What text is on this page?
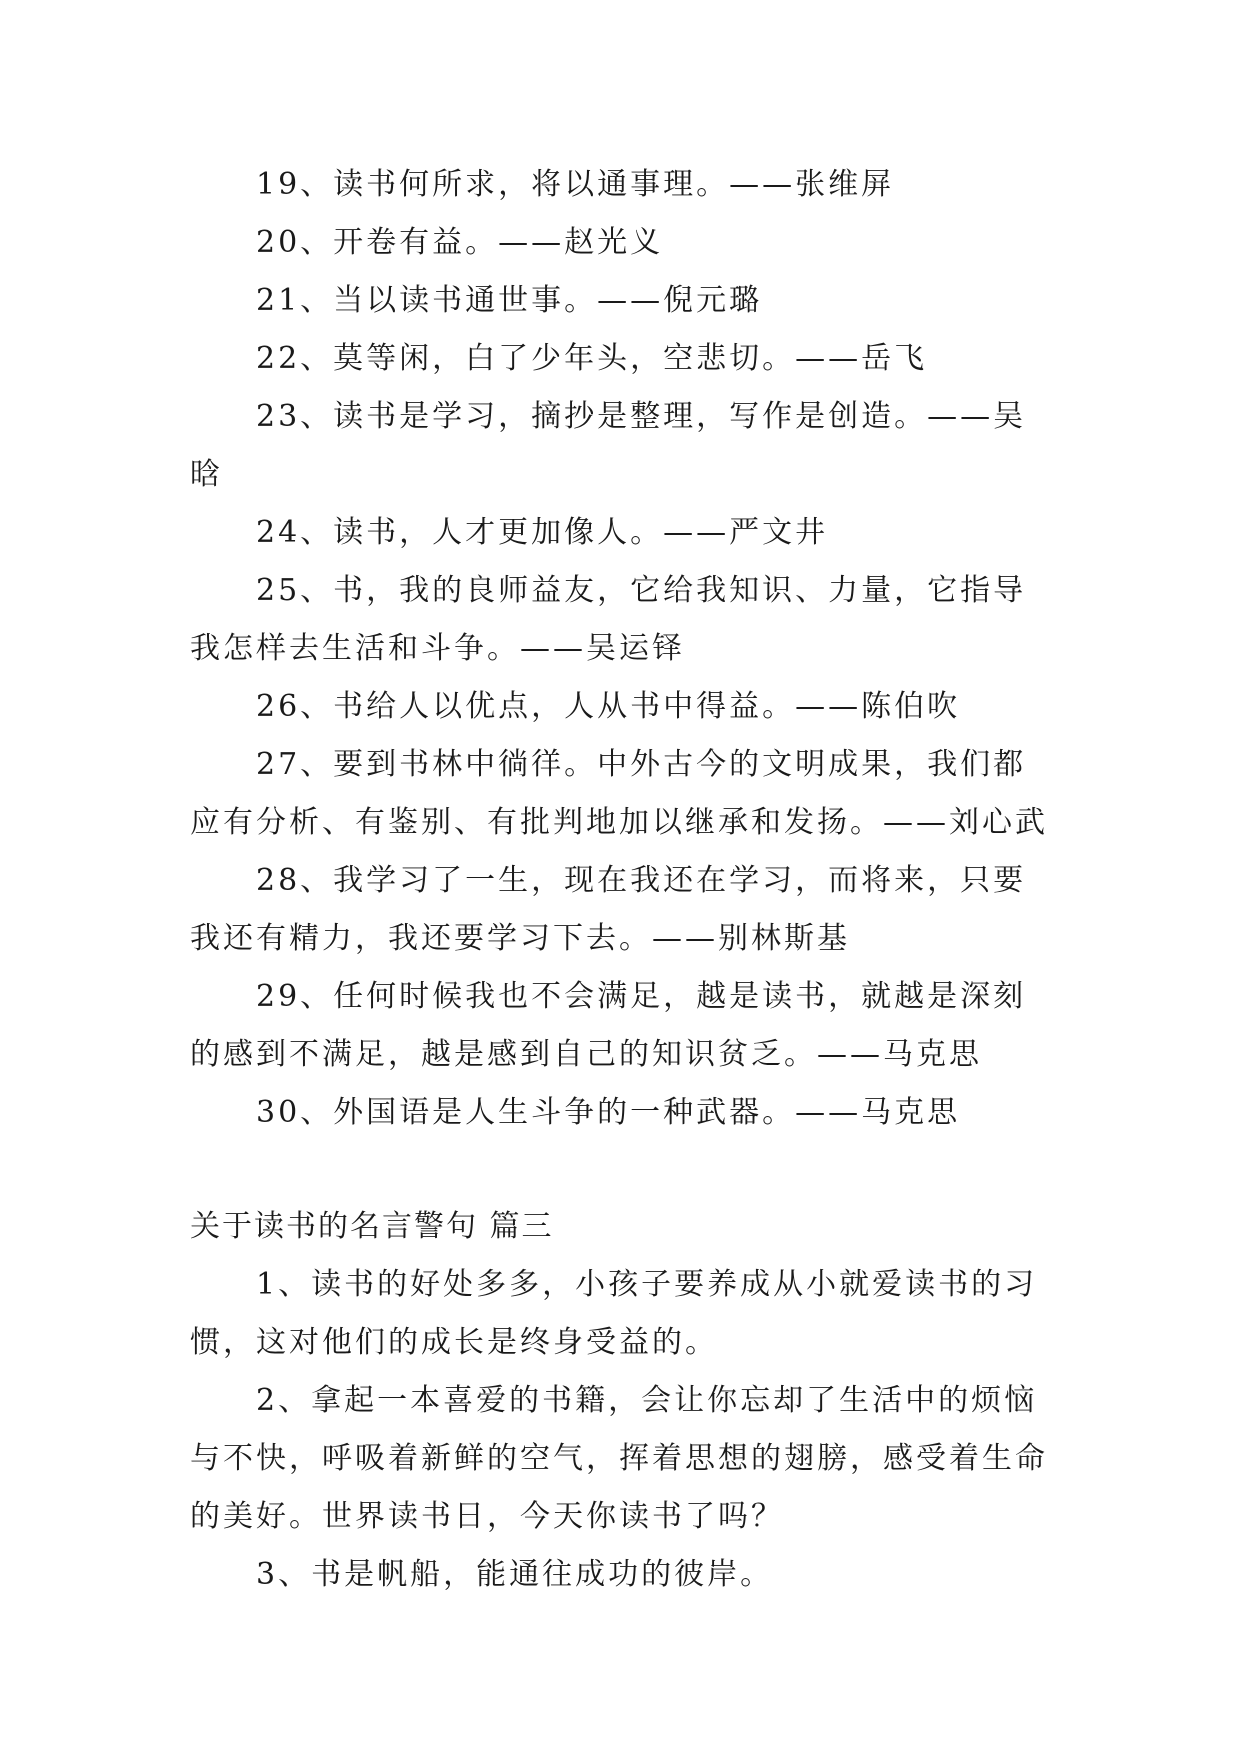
19、读书何所求，将以通事理。——张维屏

20、开卷有益。——赵光义

21、当以读书通世事。——倪元璐

22、莫等闲，白了少年头，空悲切。——岳飞

23、读书是学习，摘抄是整理，写作是创造。——吴晗

24、读书，人才更加像人。——严文井

25、书，我的良师益友，它给我知识、力量，它指导我怎样去生活和斗争。——吴运铎

26、书给人以优点，人从书中得益。——陈伯吹

27、要到书林中徜徉。中外古今的文明成果，我们都应有分析、有鉴别、有批判地加以继承和发扬。——刘心武

28、我学习了一生，现在我还在学习，而将来，只要我还有精力，我还要学习下去。——别林斯基

29、任何时候我也不会满足，越是读书，就越是深刻的感到不满足，越是感到自己的知识贫乏。——马克思

30、外国语是人生斗争的一种武器。——马克思

关于读书的名言警句 篇三

1、读书的好处多多，小孩子要养成从小就爱读书的习惯，这对他们的成长是终身受益的。

2、拿起一本喜爱的书籍，会让你忘却了生活中的烦恼与不快，呼吸着新鲜的空气，挥着思想的翅膀，感受着生命的美好。世界读书日，今天你读书了吗？

3、书是帆船，能通往成功的彼岸。
